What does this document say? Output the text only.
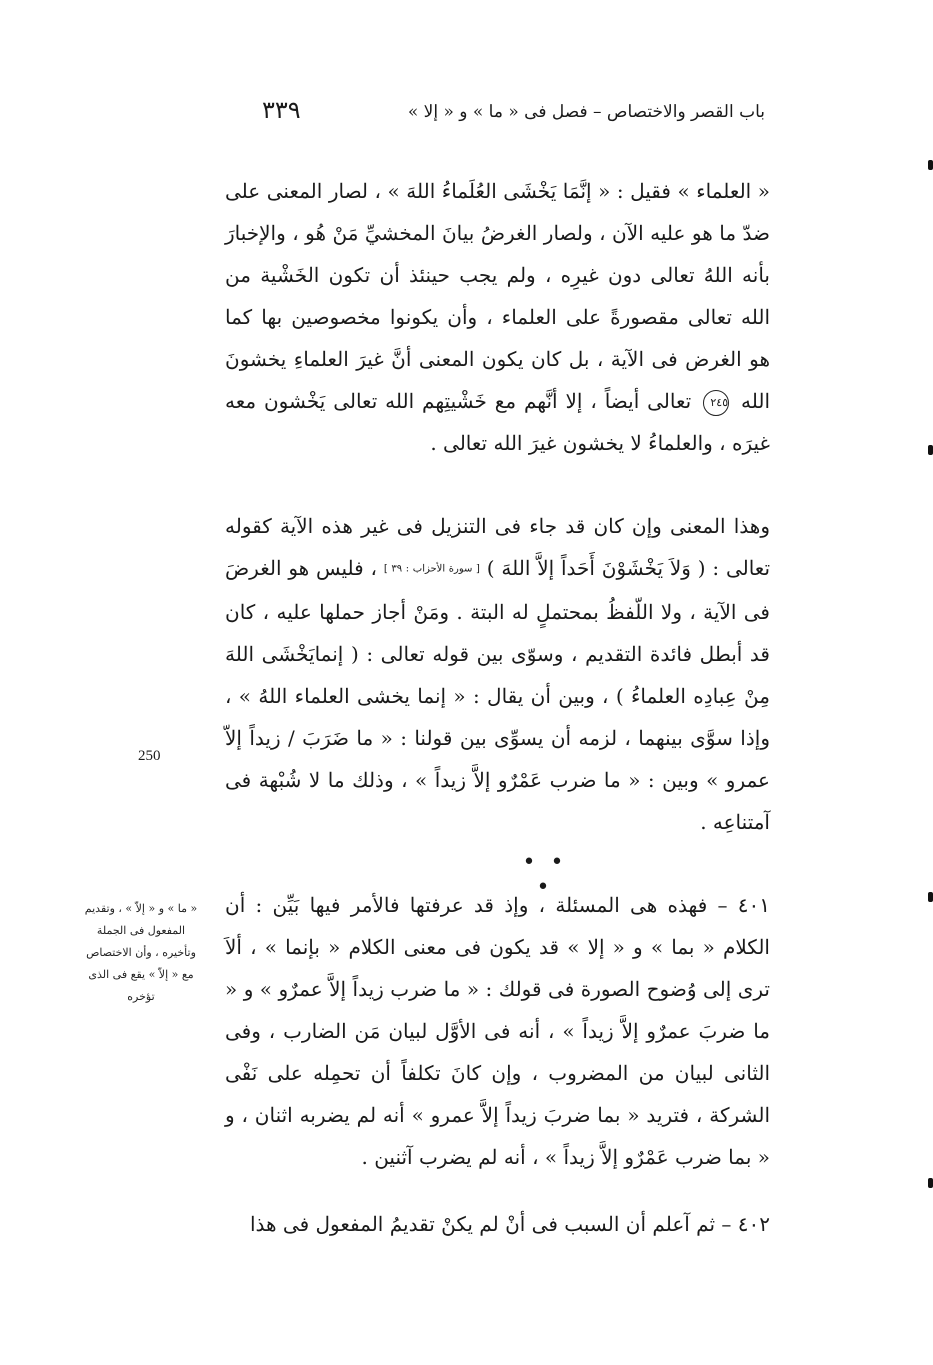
٣٣٩	باب القصر والاختصاص – فصل فى « ما » و « إلا »

« العلماء » فقيل : « إنَّمَا يَخْشَى العُلَماءُ اللهَ » ، لصار المعنى على ضدّ ما هو عليه الآن ، ولصار الغرضُ بيانَ المخشيِّ مَنْ هُو ، والإخبارَ بأنه اللهُ تعالى دون غيرِه ، ولم يجب حينئذ أن تكون الخَشْية من الله تعالى مقصورةً على العلماء ، وأن يكونوا مخصوصين بها كما هو الغرض فى الآية ، بل كان يكون المعنى أنَّ غيرَ العلماءِ يخشونَ الله ٢٤٥ تعالى أيضاً ، إلا أنَّهم مع خَشْيتِهم الله تعالى يَخْشون معه غيرَه ، والعلماءُ لا يخشون غيرَ الله تعالى .

وهذا المعنى وإن كان قد جاء فى التنزيل فى غير هذه الآية كقوله تعالى : ( وَلاَ يَخْشَوْنَ أَحَداً إلاَّ اللهَ ) [ سورة الأحزاب : ٣٩ ] ، فليس هو الغرضَ فى الآية ، ولا اللّفظُ بمحتملٍ له البتة . ومَنْ أجاز حملها عليه ، كان قد أبطل فائدة التقديم ، وسوّى بين قوله تعالى : ( إنمايَخْشَى اللهَ مِنْ عِبادِه العلماءُ ) ، وبين أن يقال : « إنما يخشى العلماء اللهُ » ، وإذا سوَّى بينهما ، لزمه أن يسوِّى بين قولنا : « ما ضَرَبَ / زيداً إلاّ عمرو » وبين : « ما ضرب عَمْرٌو إلاَّ زيداً » ، وذلك ما لا شُبْهة فى آمتناعِه .

250
• • •
« ما » و « إلاّ » ، وتقديم المفعول فى الجملة وتأخيره ، وأن الاختصاص مع « إلاّ » يقع فى الذى تؤخره

٤٠١ – فهذه هى المسئلة ، وإذ قد عرفتها فالأمر فيها بَيِّن : أن الكلام « بما » و « إلا » قد يكون فى معنى الكلام « بإنما » ، ألاَ ترى إلى وُضوح الصورة فى قولك : « ما ضرب زيداً إلاَّ عمرٌو » و « ما ضربَ عمرٌو إلاَّ زيداً » ، أنه فى الأوَّل لبيان مَن الضارب ، وفى الثانى لبيان من المضروب ، وإن كانَ تكلفاً أن تحمِله على نَفْى الشركة ، فتريد « بما ضربَ زيداً إلاَّ عمرو » أنه لم يضربه اثنان ، و « بما ضرب عَمْرٌو إلاَّ زيداً » ، أنه لم يضرب آثنين .

٤٠٢ – ثم آعلم أن السبب فى أنْ لم يكنْ تقديمُ المفعول فى هذا
